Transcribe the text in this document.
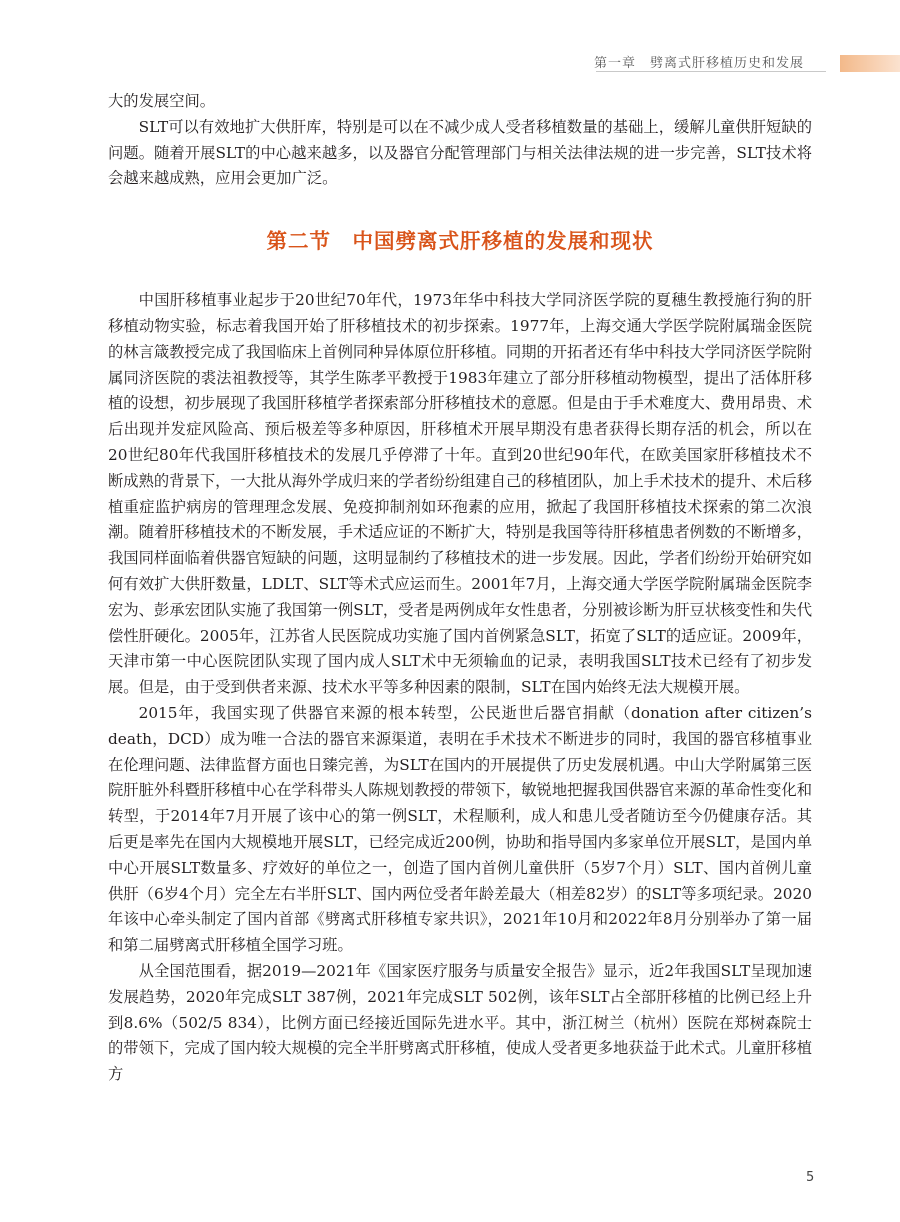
第一章　劈离式肝移植历史和发展

大的发展空间。

SLT可以有效地扩大供肝库，特别是可以在不减少成人受者移植数量的基础上，缓解儿童供肝短缺的问题。随着开展SLT的中心越来越多，以及器官分配管理部门与相关法律法规的进一步完善，SLT技术将会越来越成熟，应用会更加广泛。

第二节　中国劈离式肝移植的发展和现状

中国肝移植事业起步于20世纪70年代，1973年华中科技大学同济医学院的夏穗生教授施行狗的肝移植动物实验，标志着我国开始了肝移植技术的初步探索。1977年，上海交通大学医学院附属瑞金医院的林言箴教授完成了我国临床上首例同种异体原位肝移植。同期的开拓者还有华中科技大学同济医学院附属同济医院的裘法祖教授等，其学生陈孝平教授于1983年建立了部分肝移植动物模型，提出了活体肝移植的设想，初步展现了我国肝移植学者探索部分肝移植技术的意愿。但是由于手术难度大、费用昂贵、术后出现并发症风险高、预后极差等多种原因，肝移植术开展早期没有患者获得长期存活的机会，所以在20世纪80年代我国肝移植技术的发展几乎停滞了十年。直到20世纪90年代，在欧美国家肝移植技术不断成熟的背景下，一大批从海外学成归来的学者纷纷组建自己的移植团队，加上手术技术的提升、术后移植重症监护病房的管理理念发展、免疫抑制剂如环孢素的应用，掀起了我国肝移植技术探索的第二次浪潮。随着肝移植技术的不断发展，手术适应证的不断扩大，特别是我国等待肝移植患者例数的不断增多，我国同样面临着供器官短缺的问题，这明显制约了移植技术的进一步发展。因此，学者们纷纷开始研究如何有效扩大供肝数量，LDLT、SLT等术式应运而生。2001年7月，上海交通大学医学院附属瑞金医院李宏为、彭承宏团队实施了我国第一例SLT，受者是两例成年女性患者，分别被诊断为肝豆状核变性和失代偿性肝硬化。2005年，江苏省人民医院成功实施了国内首例紧急SLT，拓宽了SLT的适应证。2009年，天津市第一中心医院团队实现了国内成人SLT术中无须输血的记录，表明我国SLT技术已经有了初步发展。但是，由于受到供者来源、技术水平等多种因素的限制，SLT在国内始终无法大规模开展。

2015年，我国实现了供器官来源的根本转型，公民逝世后器官捐献（donation after citizen’s death，DCD）成为唯一合法的器官来源渠道，表明在手术技术不断进步的同时，我国的器官移植事业在伦理问题、法律监督方面也日臻完善，为SLT在国内的开展提供了历史发展机遇。中山大学附属第三医院肝脏外科暨肝移植中心在学科带头人陈规划教授的带领下，敏锐地把握我国供器官来源的革命性变化和转型，于2014年7月开展了该中心的第一例SLT，术程顺利，成人和患儿受者随访至今仍健康存活。其后更是率先在国内大规模地开展SLT，已经完成近200例，协助和指导国内多家单位开展SLT，是国内单中心开展SLT数量多、疗效好的单位之一，创造了国内首例儿童供肝（5岁7个月）SLT、国内首例儿童供肝（6岁4个月）完全左右半肝SLT、国内两位受者年龄差最大（相差82岁）的SLT等多项纪录。2020年该中心牵头制定了国内首部《劈离式肝移植专家共识》，2021年10月和2022年8月分别举办了第一届和第二届劈离式肝移植全国学习班。

从全国范围看，据2019—2021年《国家医疗服务与质量安全报告》显示，近2年我国SLT呈现加速发展趋势，2020年完成SLT 387例，2021年完成SLT 502例，该年SLT占全部肝移植的比例已经上升到8.6%（502/5 834），比例方面已经接近国际先进水平。其中，浙江树兰（杭州）医院在郑树森院士的带领下，完成了国内较大规模的完全半肝劈离式肝移植，使成人受者更多地获益于此术式。儿童肝移植方

5
